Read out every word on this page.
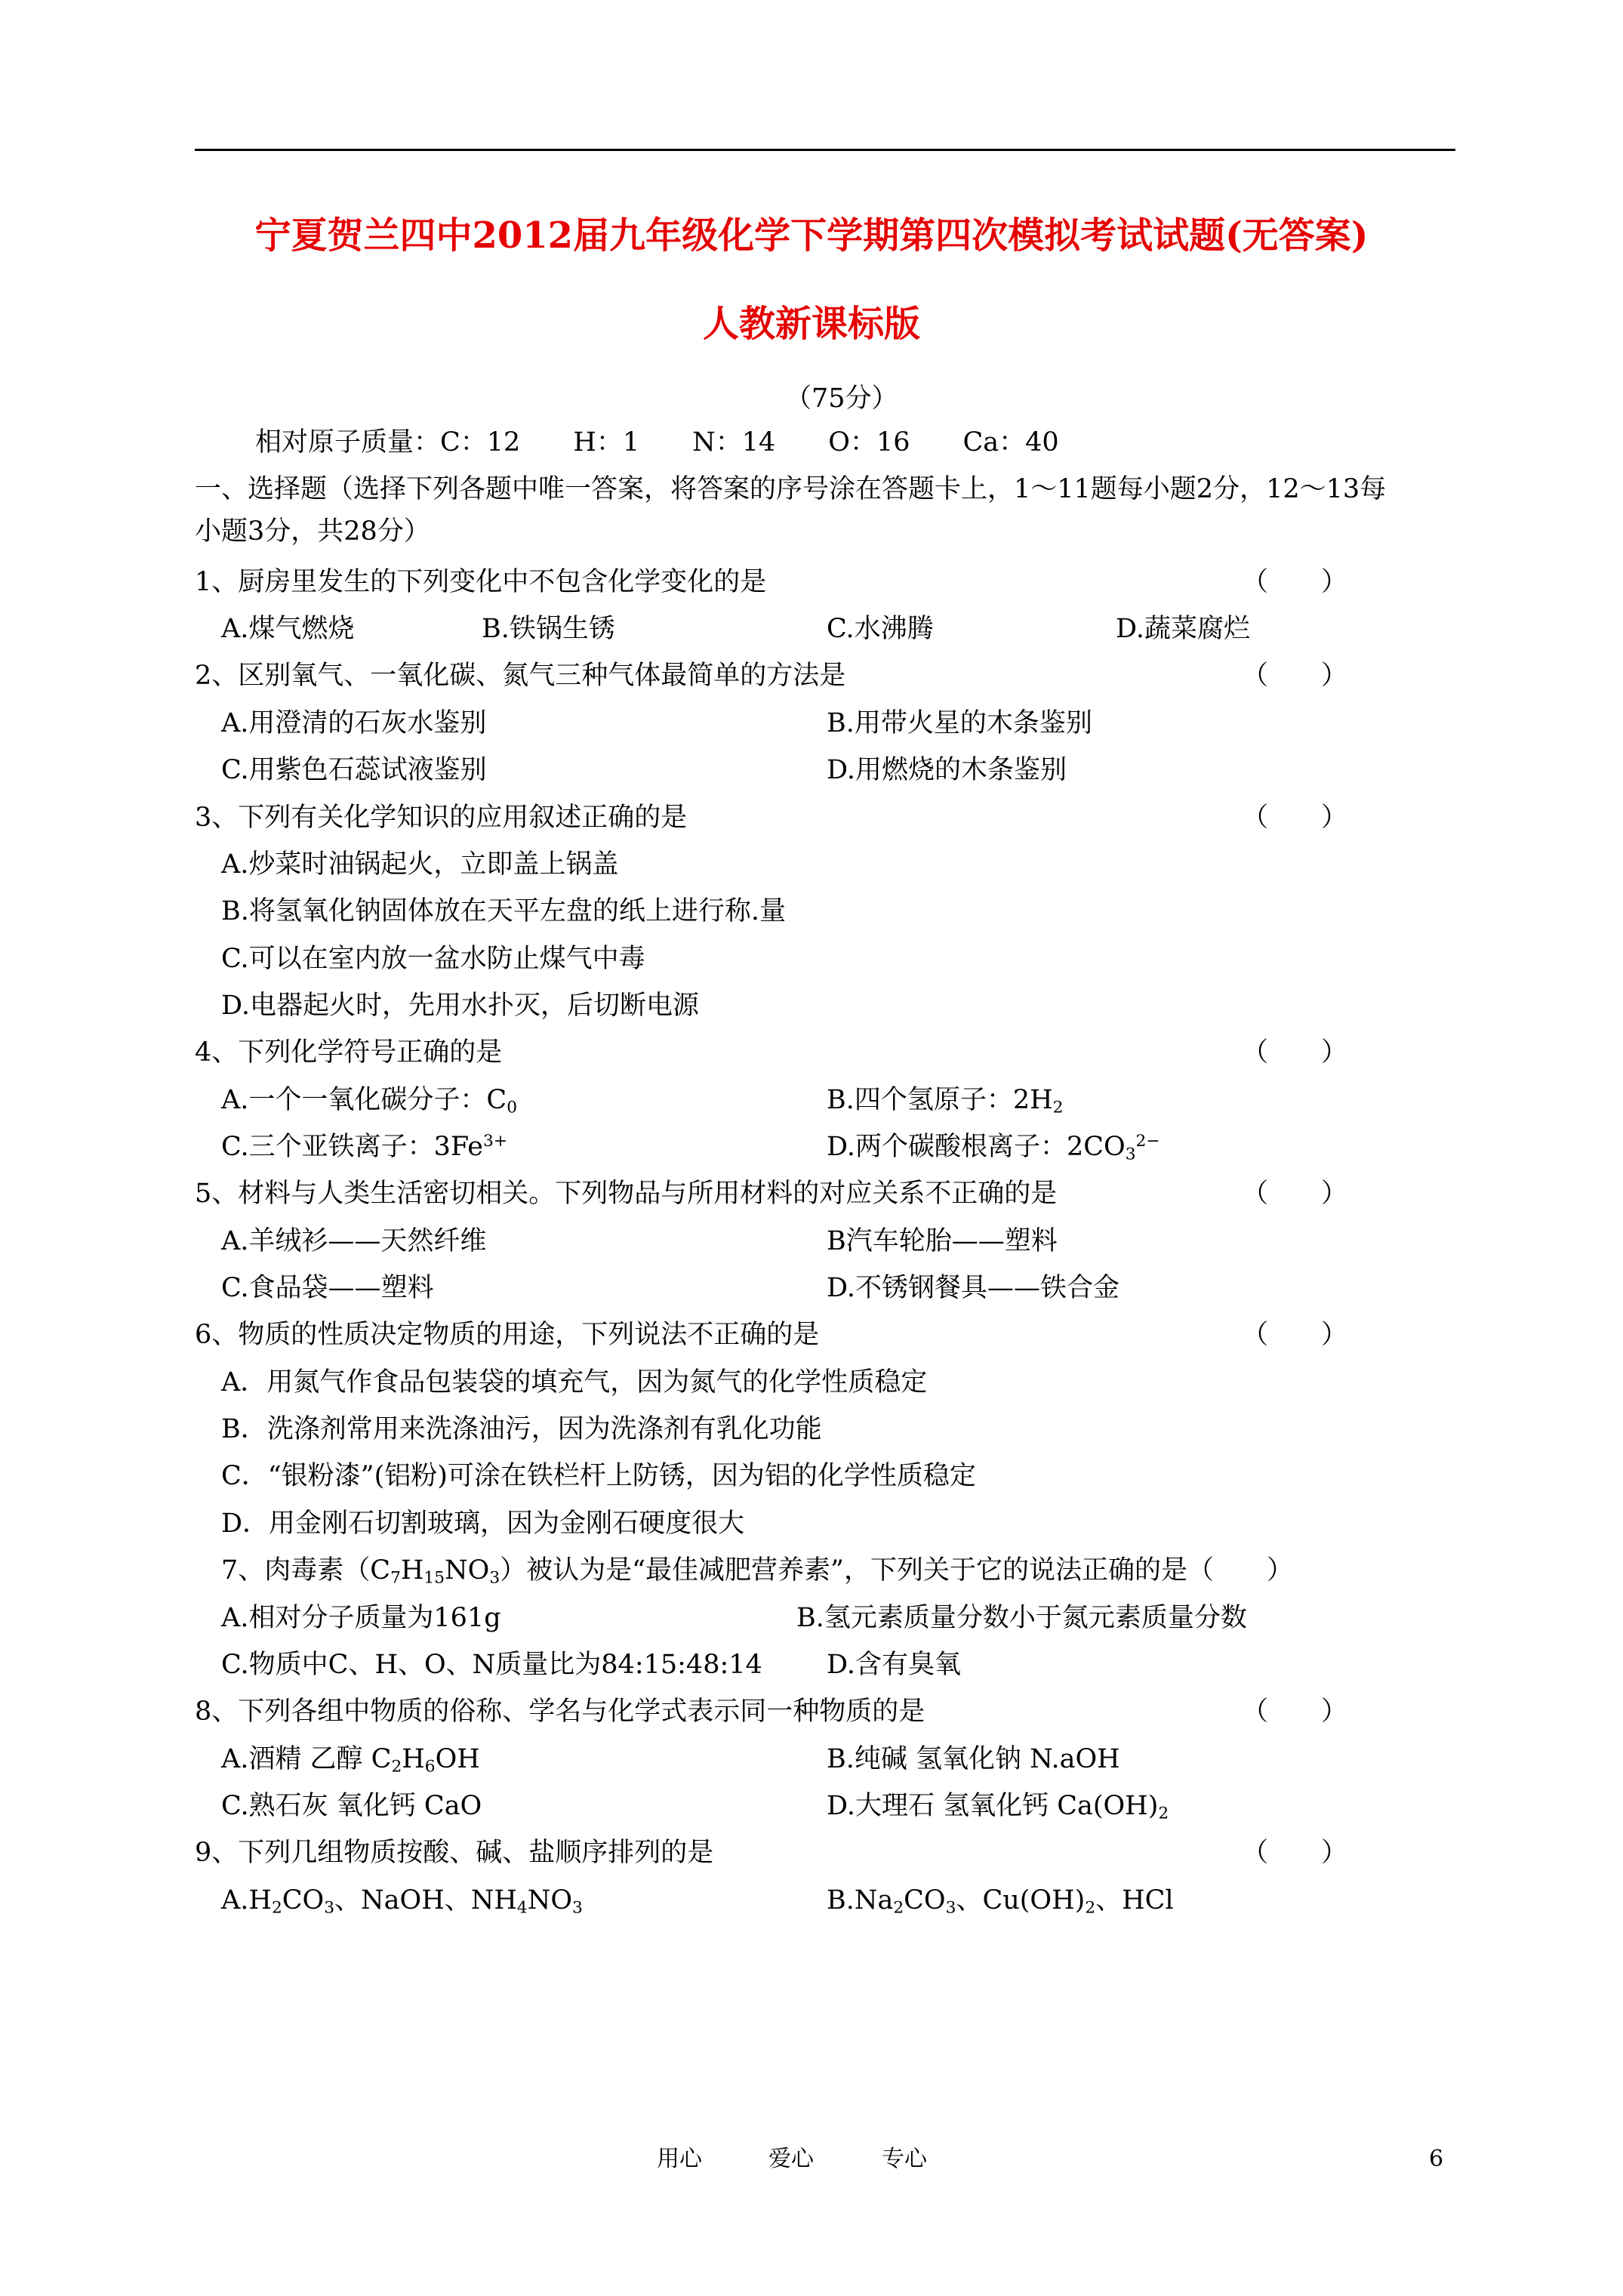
宁夏贺兰四中2012届九年级化学下学期第四次模拟考试试题(无答案)
人教新课标版
（75分）
相对原子质量：C：12　　H：1　　N：14　　O：16　　Ca：40
一、选择题（选择下列各题中唯一答案，将答案的序号涂在答题卡上，1～11题每小题2分，12～13每
小题3分，共28分）
1、厨房里发生的下列变化中不包含化学变化的是	（　　）
A.煤气燃烧	B.铁锅生锈	C.水沸腾	D.蔬菜腐烂
2、区别氧气、一氧化碳、氮气三种气体最简单的方法是	（　　）
A.用澄清的石灰水鉴别	B.用带火星的木条鉴别
C.用紫色石蕊试液鉴别	D.用燃烧的木条鉴别
3、下列有关化学知识的应用叙述正确的是	（　　）
A.炒菜时油锅起火，立即盖上锅盖
B.将氢氧化钠固体放在天平左盘的纸上进行称.量
C.可以在室内放一盆水防止煤气中毒
D.电器起火时，先用水扑灭，后切断电源
4、下列化学符号正确的是	（　　）
A.一个一氧化碳分子：$C_0$	B.四个氢原子：$2H_2$
C.三个亚铁离子：$3Fe^{3+}$	D.两个碳酸根离子：$2CO_3^{2-}$
5、材料与人类生活密切相关。下列物品与所用材料的对应关系不正确的是	（　　）
A.羊绒衫——天然纤维	B汽车轮胎——塑料
C.食品袋——塑料	D.不锈钢餐具——铁合金
6、物质的性质决定物质的用途，下列说法不正确的是	（　　）
A．用氮气作食品包装袋的填充气，因为氮气的化学性质稳定
B．洗涤剂常用来洗涤油污，因为洗涤剂有乳化功能
C．“银粉漆”(铝粉)可涂在铁栏杆上防锈，因为铝的化学性质稳定
D．用金刚石切割玻璃，因为金刚石硬度很大
7、肉毒素$(C_7H_{15}NO_3)$被认为是“最佳减肥营养素”，下列关于它的说法正确的是（　　）
A.相对分子质量为161g	B.氢元素质量分数小于氮元素质量分数
C.物质中C、H、O、N质量比为84:15:48:14 D.含有臭氧
8、下列各组中物质的俗称、学名与化学式表示同一种物质的是	（　　）
A.酒精 乙醇 $C_2H_6OH$	B.纯碱 氢氧化钠 N.aOH
C.熟石灰 氧化钙 CaO	D.大理石 氢氧化钙 $Ca(OH)_2$
9、下列几组物质按酸、碱、盐顺序排列的是	（　　）
$A.H_2CO_3$、NaOH、$NH_4NO_3$	$B.Na_2CO_3$、$Cu(OH)_2$、HCl
用心	爱心	专心	6
